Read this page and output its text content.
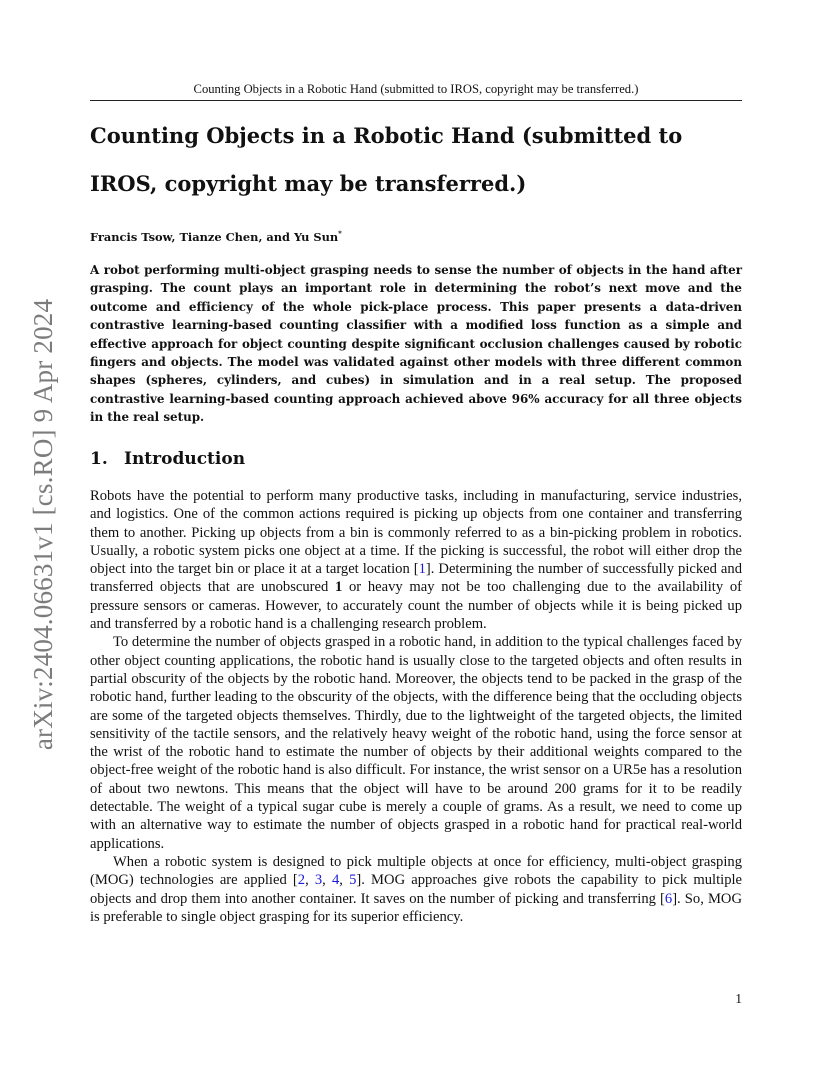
arXiv:2404.06631v1 [cs.RO] 9 Apr 2024
Counting Objects in a Robotic Hand (submitted to IROS, copyright may be transferred.)
Counting Objects in a Robotic Hand (submitted to IROS, copyright may be transferred.)
Francis Tsow, Tianze Chen, and Yu Sun*

A robot performing multi-object grasping needs to sense the number of objects in the hand after grasping. The count plays an important role in determining the robot’s next move and the outcome and efficiency of the whole pick-place process. This paper presents a data-driven contrastive learning-based counting classifier with a modified loss function as a simple and effective approach for object counting despite significant occlusion challenges caused by robotic fingers and objects. The model was validated against other models with three different common shapes (spheres, cylinders, and cubes) in simulation and in a real setup. The proposed contrastive learning-based counting approach achieved above 96% accuracy for all three objects in the real setup.

1. Introduction

Robots have the potential to perform many productive tasks, including in manufacturing, service industries, and logistics. One of the common actions required is picking up objects from one container and transferring them to another. Picking up objects from a bin is commonly referred to as a bin-picking problem in robotics. Usually, a robotic system picks one object at a time. If the picking is successful, the robot will either drop the object into the target bin or place it at a target location [1]. Determining the number of successfully picked and transferred objects that are unobscured 1 or heavy may not be too challenging due to the availability of pressure sensors or cameras. However, to accurately count the number of objects while it is being picked up and transferred by a robotic hand is a challenging research problem.

To determine the number of objects grasped in a robotic hand, in addition to the typical challenges faced by other object counting applications, the robotic hand is usually close to the targeted objects and often results in partial obscurity of the objects by the robotic hand. Moreover, the objects tend to be packed in the grasp of the robotic hand, further leading to the obscurity of the objects, with the difference being that the occluding objects are some of the targeted objects themselves. Thirdly, due to the lightweight of the targeted objects, the limited sensitivity of the tactile sensors, and the relatively heavy weight of the robotic hand, using the force sensor at the wrist of the robotic hand to estimate the number of objects by their additional weights compared to the object-free weight of the robotic hand is also difficult. For instance, the wrist sensor on a UR5e has a resolution of about two newtons. This means that the object will have to be around 200 grams for it to be readily detectable. The weight of a typical sugar cube is merely a couple of grams. As a result, we need to come up with an alternative way to estimate the number of objects grasped in a robotic hand for practical real-world applications.

When a robotic system is designed to pick multiple objects at once for efficiency, multi-object grasping (MOG) technologies are applied [2, 3, 4, 5]. MOG approaches give robots the capability to pick multiple objects and drop them into another container. It saves on the number of picking and transferring [6]. So, MOG is preferable to single object grasping for its superior efficiency.

1
